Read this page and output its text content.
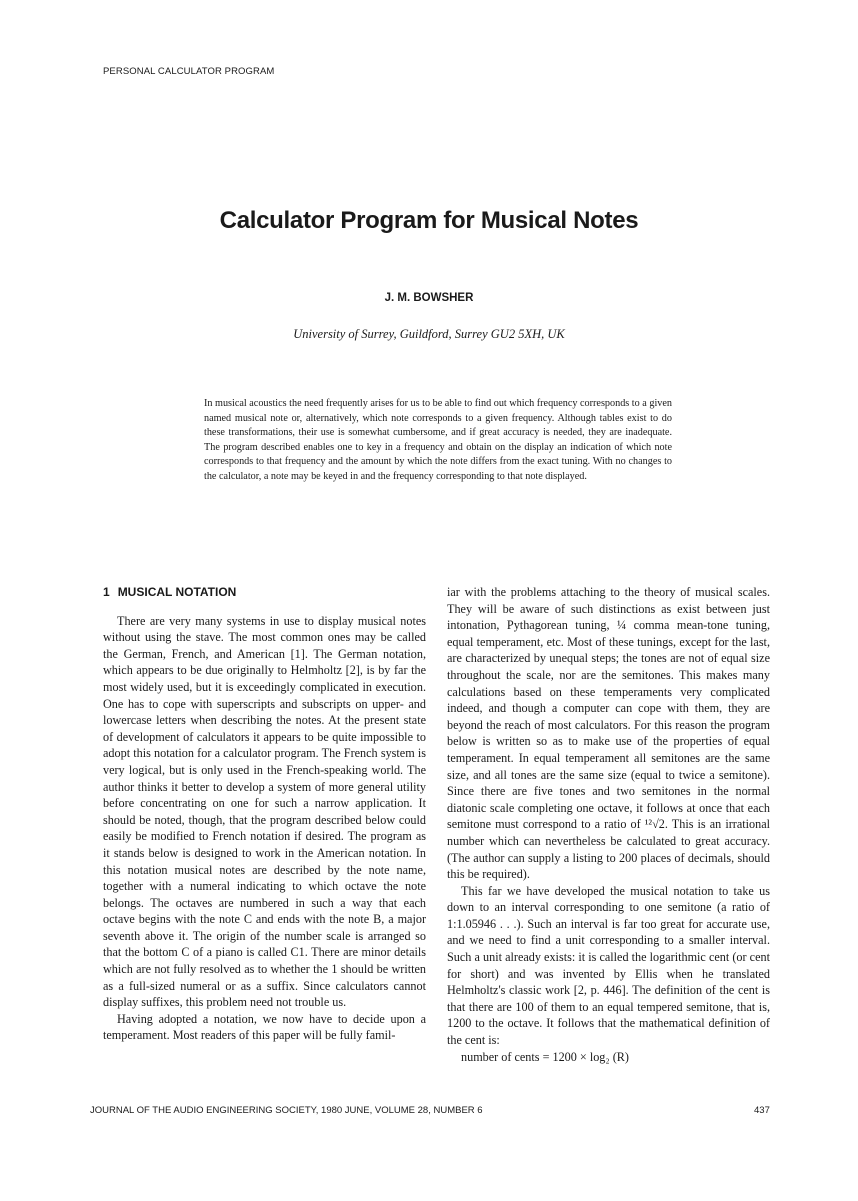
PERSONAL CALCULATOR PROGRAM
Calculator Program for Musical Notes
J. M. BOWSHER
University of Surrey, Guildford, Surrey GU2 5XH, UK
In musical acoustics the need frequently arises for us to be able to find out which frequency corresponds to a given named musical note or, alternatively, which note corresponds to a given frequency. Although tables exist to do these transformations, their use is somewhat cumbersome, and if great accuracy is needed, they are inadequate. The program described enables one to key in a frequency and obtain on the display an indication of which note corresponds to that frequency and the amount by which the note differs from the exact tuning. With no changes to the calculator, a note may be keyed in and the frequency corresponding to that note displayed.
1 MUSICAL NOTATION

There are very many systems in use to display musical notes without using the stave. The most common ones may be called the German, French, and American [1]. The German notation, which appears to be due originally to Helmholtz [2], is by far the most widely used, but it is exceedingly complicated in execution. One has to cope with superscripts and subscripts on upper- and lowercase letters when describing the notes. At the present state of development of calculators it appears to be quite impossible to adopt this notation for a calculator program. The French system is very logical, but is only used in the French-speaking world. The author thinks it better to develop a system of more general utility before concentrating on one for such a narrow application. It should be noted, though, that the program described below could easily be modified to French notation if desired. The program as it stands below is designed to work in the American notation. In this notation musical notes are described by the note name, together with a numeral indicating to which octave the note belongs. The octaves are numbered in such a way that each octave begins with the note C and ends with the note B, a major seventh above it. The origin of the number scale is arranged so that the bottom C of a piano is called C1. There are minor details which are not fully resolved as to whether the 1 should be written as a full-sized numeral or as a suffix. Since calculators cannot display suffixes, this problem need not trouble us.

Having adopted a notation, we now have to decide upon a temperament. Most readers of this paper will be fully famil-

iar with the problems attaching to the theory of musical scales. They will be aware of such distinctions as exist between just intonation, Pythagorean tuning, ¼ comma mean-tone tuning, equal temperament, etc. Most of these tunings, except for the last, are characterized by unequal steps; the tones are not of equal size throughout the scale, nor are the semitones. This makes many calculations based on these temperaments very complicated indeed, and though a computer can cope with them, they are beyond the reach of most calculators. For this reason the program below is written so as to make use of the properties of equal temperament. In equal temperament all semitones are the same size, and all tones are the same size (equal to twice a semitone). Since there are five tones and two semitones in the normal diatonic scale completing one octave, it follows at once that each semitone must correspond to a ratio of ¹²√2. This is an irrational number which can nevertheless be calculated to great accuracy. (The author can supply a listing to 200 places of decimals, should this be required).

This far we have developed the musical notation to take us down to an interval corresponding to one semitone (a ratio of 1:1.05946 . . .). Such an interval is far too great for accurate use, and we need to find a unit corresponding to a smaller interval. Such a unit already exists: it is called the logarithmic cent (or cent for short) and was invented by Ellis when he translated Helmholtz's classic work [2, p. 446]. The definition of the cent is that there are 100 of them to an equal tempered semitone, that is, 1200 to the octave. It follows that the mathematical definition of the cent is:

number of cents = 1200 × log₂ (R)

JOURNAL OF THE AUDIO ENGINEERING SOCIETY, 1980 JUNE, VOLUME 28, NUMBER 6	437
